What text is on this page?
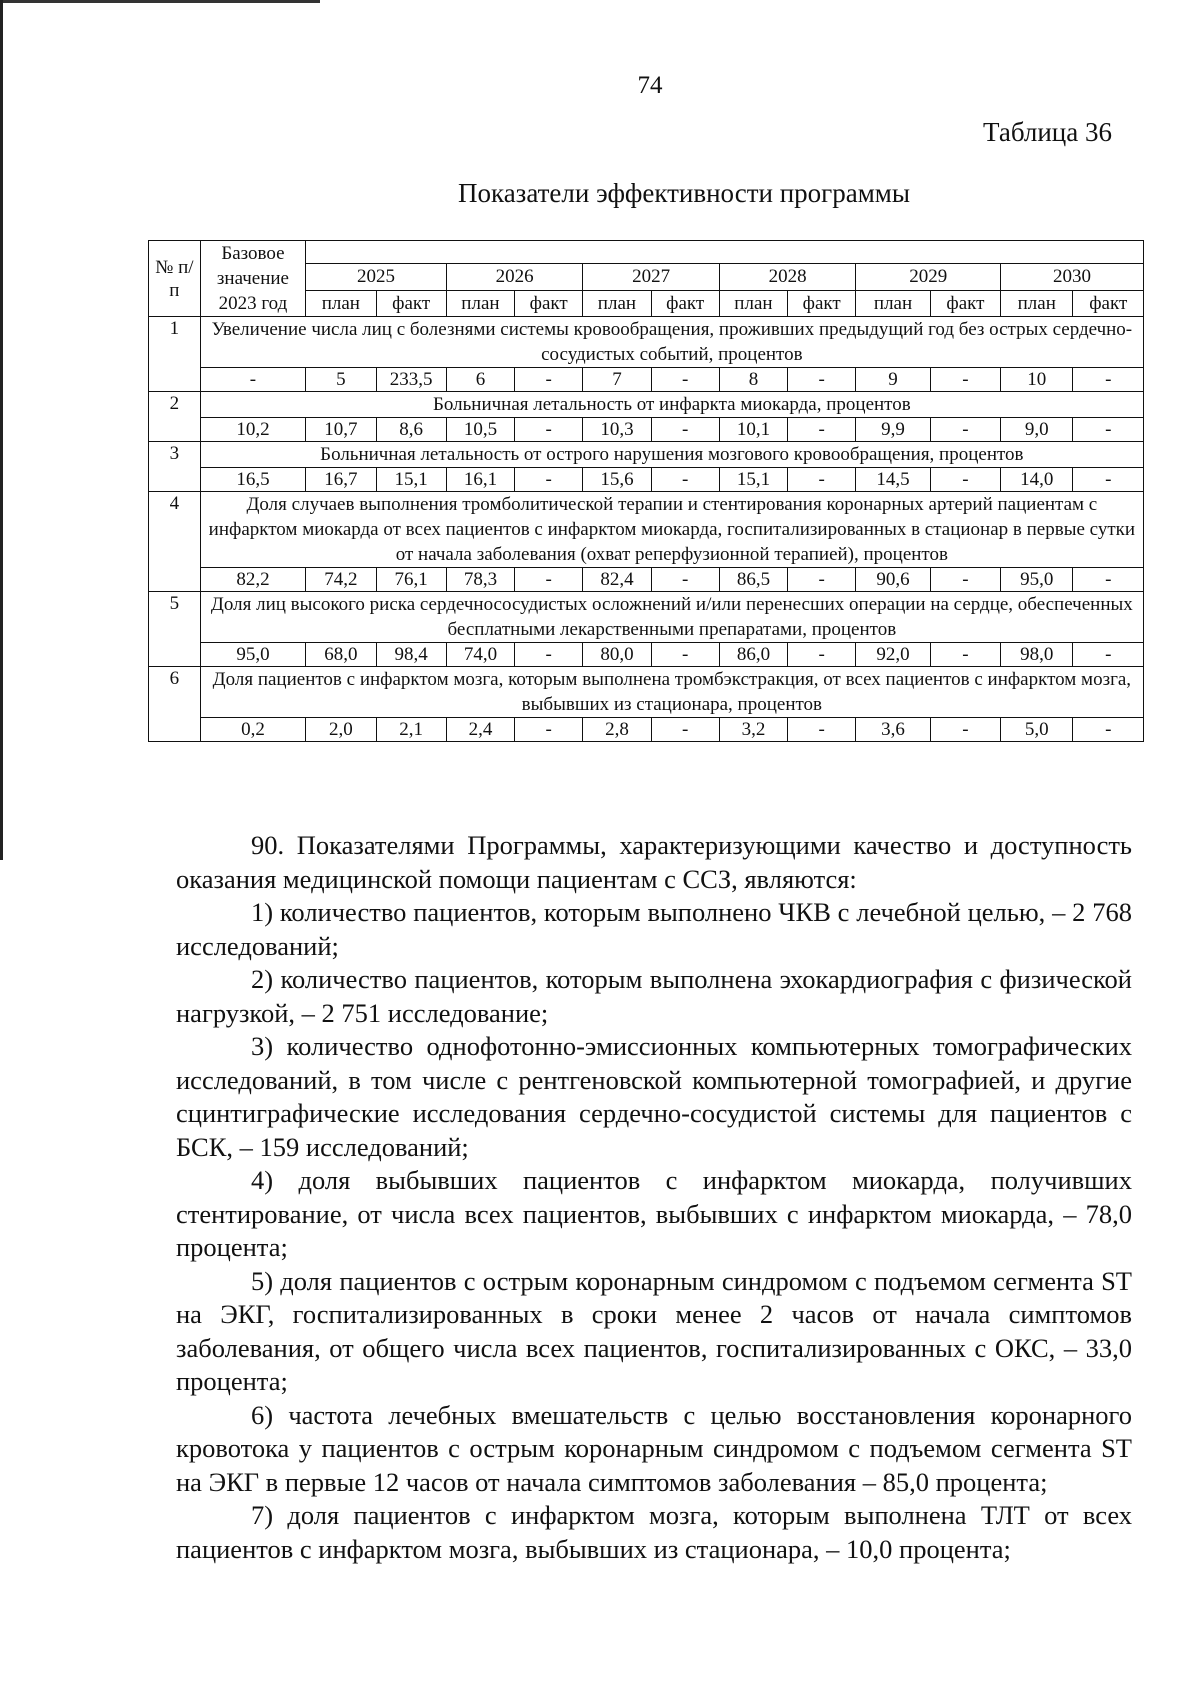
74
Таблица 36
Показатели эффективности программы
№ п/п	Базовое значение 2023 год												
		2025		2026		2027		2028		2029		2030	
		план	факт	план	факт	план	факт	план	факт	план	факт	план	факт
1	Увеличение числа лиц с болезнями системы кровообращения, проживших предыдущий год без острых сердечно-сосудистых событий, процентов												
	-	5	233,5	6	-	7	-	8	-	9	-	10	-
2	Больничная летальность от инфаркта миокарда, процентов												
	10,2	10,7	8,6	10,5	-	10,3	-	10,1	-	9,9	-	9,0	-
3	Больничная летальность от острого нарушения мозгового кровообращения, процентов												
	16,5	16,7	15,1	16,1	-	15,6	-	15,1	-	14,5	-	14,0	-
4	Доля случаев выполнения тромболитической терапии и стентирования коронарных артерий пациентам с инфарктом миокарда от всех пациентов с инфарктом миокарда, госпитализированных в стационар в первые сутки от начала заболевания (охват реперфузионной терапией), процентов												
	82,2	74,2	76,1	78,3	-	82,4	-	86,5	-	90,6	-	95,0	-
5	Доля лиц высокого риска сердечнососудистых осложнений и/или перенесших операции на сердце, обеспеченных бесплатными лекарственными препаратами, процентов												
	95,0	68,0	98,4	74,0	-	80,0	-	86,0	-	92,0	-	98,0	-
6	Доля пациентов с инфарктом мозга, которым выполнена тромбэкстракция, от всех пациентов с инфарктом мозга, выбывших из стационара, процентов												
	0,2	2,0	2,1	2,4	-	2,8	-	3,2	-	3,6	-	5,0	-

90. Показателями Программы, характеризующими качество и доступность оказания медицинской помощи пациентам с ССЗ, являются:

1) количество пациентов, которым выполнено ЧКВ с лечебной целью, – 2 768 исследований;

2) количество пациентов, которым выполнена эхокардиография с физической нагрузкой, – 2 751 исследование;

3) количество однофотонно-эмиссионных компьютерных томографических исследований, в том числе с рентгеновской компьютерной томографией, и другие сцинтиграфические исследования сердечно-сосудистой системы для пациентов с БСК, – 159 исследований;

4) доля выбывших пациентов с инфарктом миокарда, получивших стентирование, от числа всех пациентов, выбывших с инфарктом миокарда, – 78,0 процента;

5) доля пациентов с острым коронарным синдромом с подъемом сегмента ST на ЭКГ, госпитализированных в сроки менее 2 часов от начала симптомов заболевания, от общего числа всех пациентов, госпитализированных с ОКС, – 33,0 процента;

6) частота лечебных вмешательств с целью восстановления коронарного кровотока у пациентов с острым коронарным синдромом с подъемом сегмента ST на ЭКГ в первые 12 часов от начала симптомов заболевания – 85,0 процента;

7) доля пациентов с инфарктом мозга, которым выполнена ТЛТ от всех пациентов с инфарктом мозга, выбывших из стационара, – 10,0 процента;
